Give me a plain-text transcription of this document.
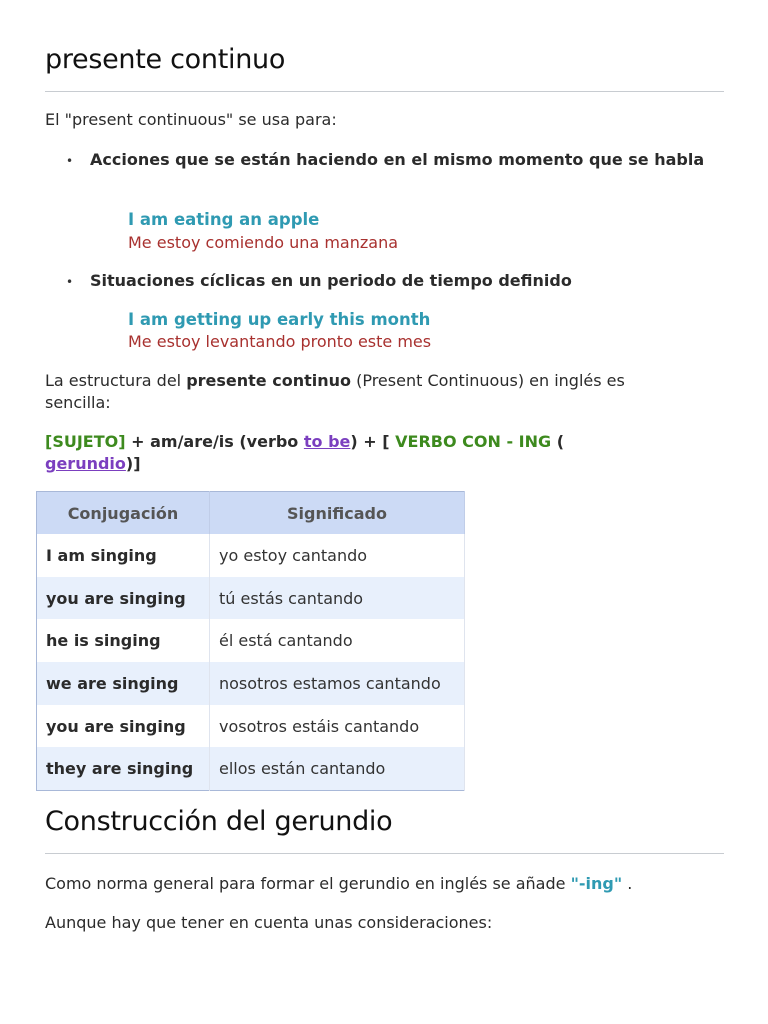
presente continuo

El "present continuous" se usa para:

• Acciones que se están haciendo en el mismo momento que se habla
I am eating an apple
Me estoy comiendo una manzana
• Situaciones cíclicas en un periodo de tiempo definido
I am getting up early this month
Me estoy levantando pronto este mes

La estructura del presente continuo (Present Continuous) en inglés es sencilla:

[SUJETO] + am/are/is (verbo to be) + [ VERBO CON - ING ( gerundio)]
Conjugación	Significado
I am singing	yo estoy cantando
you are singing	tú estás cantando
he is singing	él está cantando
we are singing	nosotros estamos cantando
you are singing	vosotros estáis cantando
they are singing	ellos están cantando
Construcción del gerundio

Como norma general para formar el gerundio en inglés se añade "-ing" .

Aunque hay que tener en cuenta unas consideraciones:
